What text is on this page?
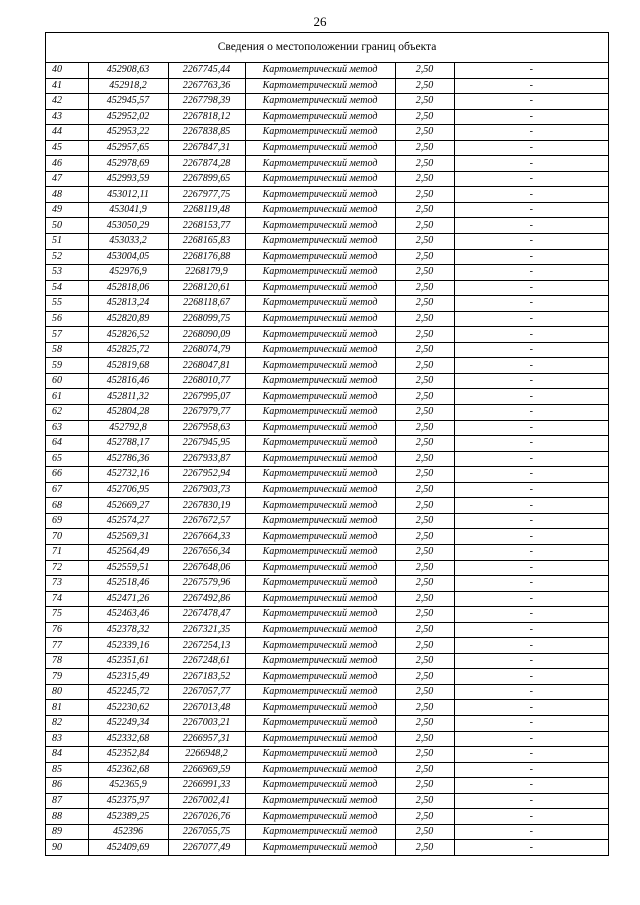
26
Сведения о местоположении границ объекта
40	452908,63	2267745,44	Картометрический метод	2,50	-
41	452918,2	2267763,36	Картометрический метод	2,50	-
42	452945,57	2267798,39	Картометрический метод	2,50	-
43	452952,02	2267818,12	Картометрический метод	2,50	-
44	452953,22	2267838,85	Картометрический метод	2,50	-
45	452957,65	2267847,31	Картометрический метод	2,50	-
46	452978,69	2267874,28	Картометрический метод	2,50	-
47	452993,59	2267899,65	Картометрический метод	2,50	-
48	453012,11	2267977,75	Картометрический метод	2,50	-
49	453041,9	2268119,48	Картометрический метод	2,50	-
50	453050,29	2268153,77	Картометрический метод	2,50	-
51	453033,2	2268165,83	Картометрический метод	2,50	-
52	453004,05	2268176,88	Картометрический метод	2,50	-
53	452976,9	2268179,9	Картометрический метод	2,50	-
54	452818,06	2268120,61	Картометрический метод	2,50	-
55	452813,24	2268118,67	Картометрический метод	2,50	-
56	452820,89	2268099,75	Картометрический метод	2,50	-
57	452826,52	2268090,09	Картометрический метод	2,50	-
58	452825,72	2268074,79	Картометрический метод	2,50	-
59	452819,68	2268047,81	Картометрический метод	2,50	-
60	452816,46	2268010,77	Картометрический метод	2,50	-
61	452811,32	2267995,07	Картометрический метод	2,50	-
62	452804,28	2267979,77	Картометрический метод	2,50	-
63	452792,8	2267958,63	Картометрический метод	2,50	-
64	452788,17	2267945,95	Картометрический метод	2,50	-
65	452786,36	2267933,87	Картометрический метод	2,50	-
66	452732,16	2267952,94	Картометрический метод	2,50	-
67	452706,95	2267903,73	Картометрический метод	2,50	-
68	452669,27	2267830,19	Картометрический метод	2,50	-
69	452574,27	2267672,57	Картометрический метод	2,50	-
70	452569,31	2267664,33	Картометрический метод	2,50	-
71	452564,49	2267656,34	Картометрический метод	2,50	-
72	452559,51	2267648,06	Картометрический метод	2,50	-
73	452518,46	2267579,96	Картометрический метод	2,50	-
74	452471,26	2267492,86	Картометрический метод	2,50	-
75	452463,46	2267478,47	Картометрический метод	2,50	-
76	452378,32	2267321,35	Картометрический метод	2,50	-
77	452339,16	2267254,13	Картометрический метод	2,50	-
78	452351,61	2267248,61	Картометрический метод	2,50	-
79	452315,49	2267183,52	Картометрический метод	2,50	-
80	452245,72	2267057,77	Картометрический метод	2,50	-
81	452230,62	2267013,48	Картометрический метод	2,50	-
82	452249,34	2267003,21	Картометрический метод	2,50	-
83	452332,68	2266957,31	Картометрический метод	2,50	-
84	452352,84	2266948,2	Картометрический метод	2,50	-
85	452362,68	2266969,59	Картометрический метод	2,50	-
86	452365,9	2266991,33	Картометрический метод	2,50	-
87	452375,97	2267002,41	Картометрический метод	2,50	-
88	452389,25	2267026,76	Картометрический метод	2,50	-
89	452396	2267055,75	Картометрический метод	2,50	-
90	452409,69	2267077,49	Картометрический метод	2,50	-
